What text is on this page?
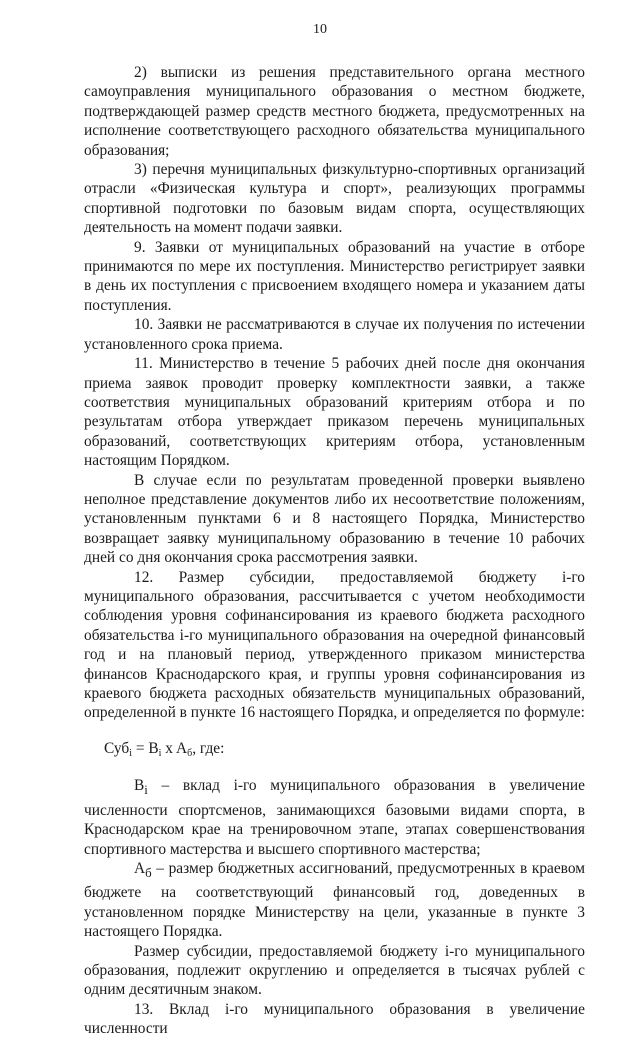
10

2) выписки из решения представительного органа местного самоуправления муниципального образования о местном бюджете, подтверждающей размер средств местного бюджета, предусмотренных на исполнение соответствующего расходного обязательства муниципального образования;

3) перечня муниципальных физкультурно-спортивных организаций отрасли «Физическая культура и спорт», реализующих программы спортивной подготовки по базовым видам спорта, осуществляющих деятельность на момент подачи заявки.

9. Заявки от муниципальных образований на участие в отборе принимаются по мере их поступления. Министерство регистрирует заявки в день их поступления с присвоением входящего номера и указанием даты поступления.

10. Заявки не рассматриваются в случае их получения по истечении установленного срока приема.

11. Министерство в течение 5 рабочих дней после дня окончания приема заявок проводит проверку комплектности заявки, а также соответствия муниципальных образований критериям отбора и по результатам отбора утверждает приказом перечень муниципальных образований, соответствующих критериям отбора, установленным настоящим Порядком.

В случае если по результатам проведенной проверки выявлено неполное представление документов либо их несоответствие положениям, установленным пунктами 6 и 8 настоящего Порядка, Министерство возвращает заявку муниципальному образованию в течение 10 рабочих дней со дня окончания срока рассмотрения заявки.

12. Размер субсидии, предоставляемой бюджету i-го муниципального образования, рассчитывается с учетом необходимости соблюдения уровня софинансирования из краевого бюджета расходного обязательства i-го муниципального образования на очередной финансовый год и на плановый период, утвержденного приказом министерства финансов Краснодарского края, и группы уровня софинансирования из краевого бюджета расходных обязательств муниципальных образований, определенной в пункте 16 настоящего Порядка, и определяется по формуле:

$Суб_i = B_i$ x $A_б$, где:

$B_i$ – вклад i-го муниципального образования в увеличение численности спортсменов, занимающихся базовыми видами спорта, в Краснодарском крае на тренировочном этапе, этапах совершенствования спортивного мастерства и высшего спортивного мастерства;

$A_б$ – размер бюджетных ассигнований, предусмотренных в краевом бюджете на соответствующий финансовый год, доведенных в установленном порядке Министерству на цели, указанные в пункте 3 настоящего Порядка.

Размер субсидии, предоставляемой бюджету i-го муниципального образования, подлежит округлению и определяется в тысячах рублей с одним десятичным знаком.

13. Вклад i-го муниципального образования в увеличение численности
